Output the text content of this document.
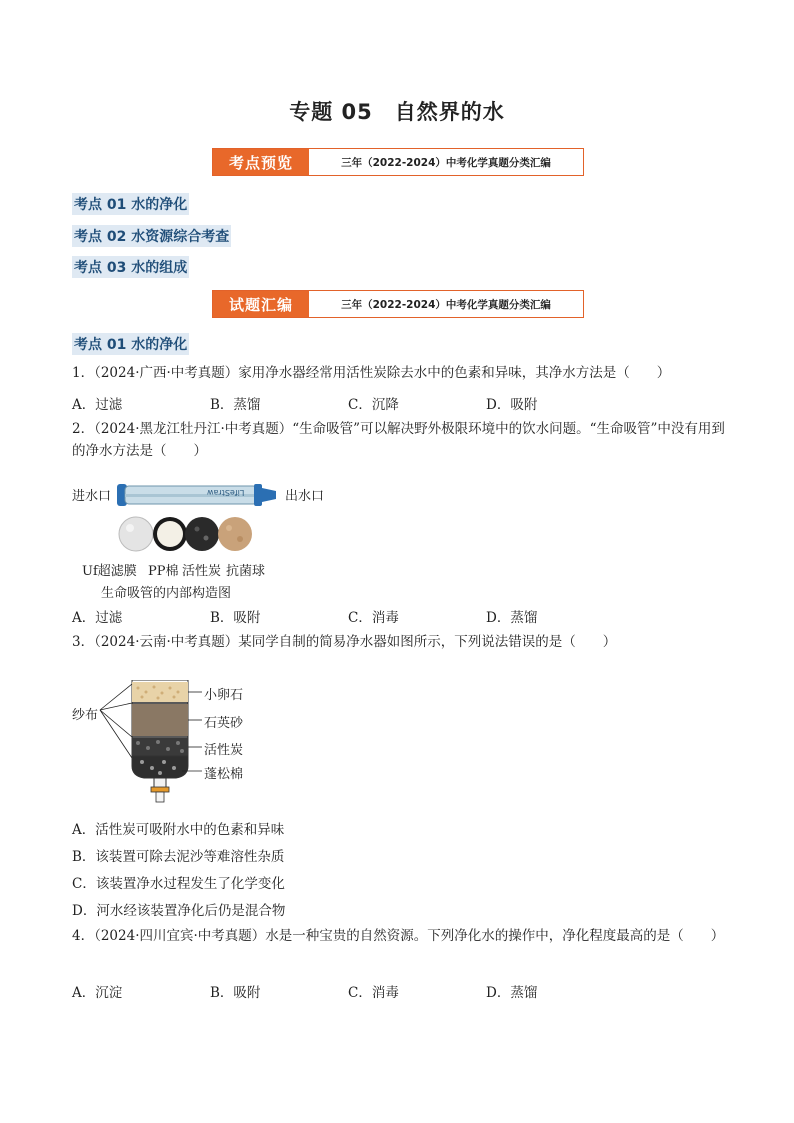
专题 05　自然界的水
考点预览	三年（2022-2024）中考化学真题分类汇编
考点 01 水的净化
考点 02 水资源综合考查
考点 03 水的组成
试题汇编	三年（2022-2024）中考化学真题分类汇编
考点 01 水的净化
1．（2024·广西·中考真题）家用净水器经常用活性炭除去水中的色素和异味，其净水方法是（　　）
A．过滤	B．蒸馏	C．沉降	D．吸附
2．（2024·黑龙江牡丹江·中考真题）“生命吸管”可以解决野外极限环境中的饮水问题。“生命吸管”中没有用到的净水方法是（　　）
进水口	出水口
LifeStraw
Uf超滤膜 PP棉 活性炭 抗菌球
生命吸管的内部构造图
A．过滤	B．吸附	C．消毒	D．蒸馏
3．（2024·云南·中考真题）某同学自制的简易净水器如图所示，下列说法错误的是（　　）
纱布
小卵石
石英砂
活性炭
蓬松棉
A．活性炭可吸附水中的色素和异味
B．该装置可除去泥沙等难溶性杂质
C．该装置净水过程发生了化学变化
D．河水经该装置净化后仍是混合物
4．（2024·四川宜宾·中考真题）水是一种宝贵的自然资源。下列净化水的操作中，净化程度最高的是（　　）
A．沉淀	B．吸附	C．消毒	D．蒸馏
